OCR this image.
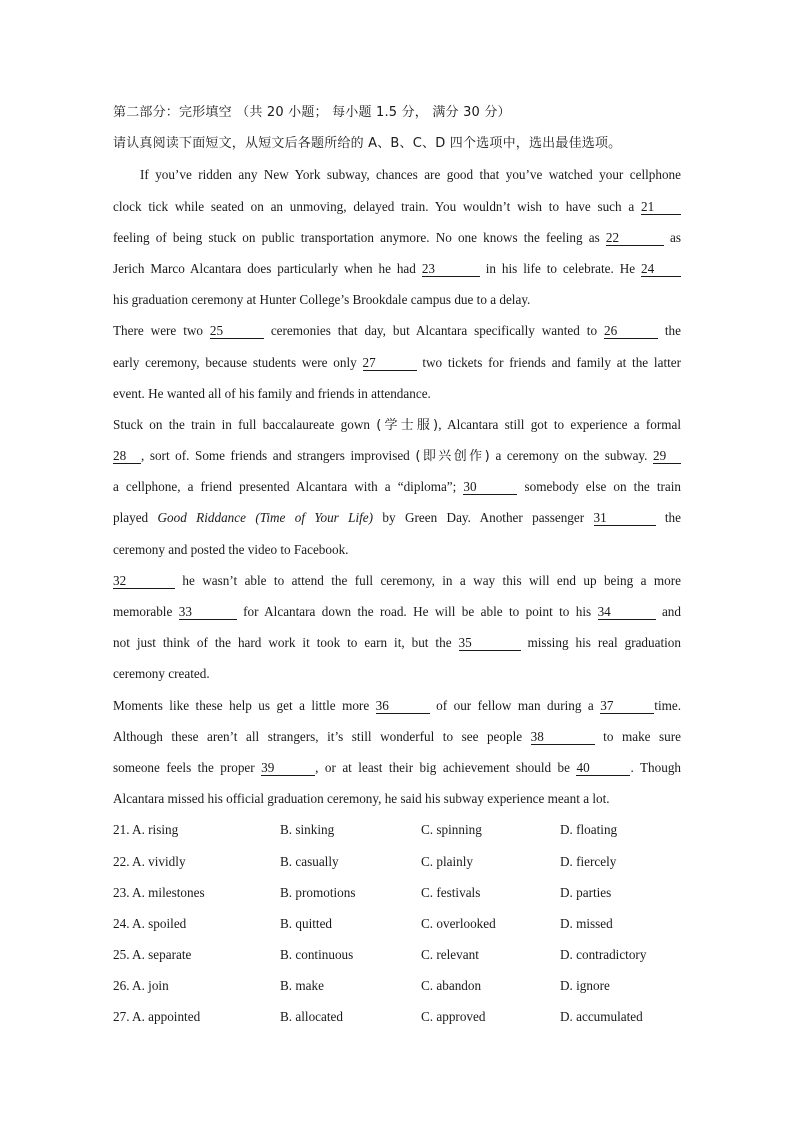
第二部分：完形填空 （共 20 小题； 每小题 1.5 分， 满分 30 分）
请认真阅读下面短文，从短文后各题所给的 A、B、C、D 四个选项中，选出最佳选项。
If you’ve ridden any New York subway, chances are good that you’ve watched your cellphone
clock tick while seated on an unmoving, delayed train. You wouldn’t wish to have such a 21
feeling of being stuck on public transportation anymore. No one knows the feeling as 22	as
Jerich Marco Alcantara does particularly when he had 23	in his life to celebrate. He 24
his graduation ceremony at Hunter College’s Brookdale campus due to a delay.
There were two 25	ceremonies that day, but Alcantara specifically wanted to 26	the
early ceremony, because students were only 27	two tickets for friends and family at the latter
event. He wanted all of his family and friends in attendance.
Stuck on the train in full baccalaureate gown (学士服), Alcantara still got to experience a formal
28 , sort of. Some friends and strangers improvised (即兴创作) a ceremony on the subway. 29
a cellphone, a friend presented Alcantara with a “diploma”; 30	somebody else on the train
played Good Riddance (Time of Your Life) by Green Day. Another passenger 31	the
ceremony and posted the video to Facebook.
32	he wasn’t able to attend the full ceremony, in a way this will end up being a more
memorable 33	for Alcantara down the road. He will be able to point to his 34	and
not just think of the hard work it took to earn it, but the 35	missing his real graduation
ceremony created.
Moments like these help us get a little more 36	of our fellow man during a 37	time.
Although these aren’t all strangers, it’s still wonderful to see people 38	to make sure
someone feels the proper 39	, or at least their big achievement should be 40	. Though
Alcantara missed his official graduation ceremony, he said his subway experience meant a lot.
21. A. rising	B. sinking	C. spinning	D. floating
22. A. vividly	B. casually	C. plainly	D. fiercely
23. A. milestones	B. promotions	C. festivals	D. parties
24. A. spoiled	B. quitted	C. overlooked	D. missed
25. A. separate	B. continuous	C. relevant	D. contradictory
26. A. join	B. make	C. abandon	D. ignore
27. A. appointed	B. allocated	C. approved	D. accumulated
